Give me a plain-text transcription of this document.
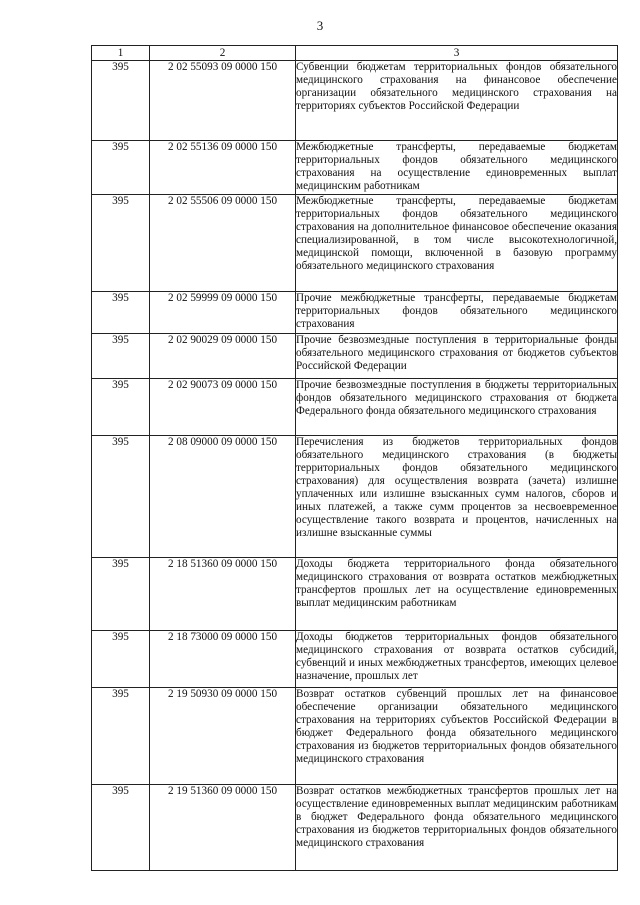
3
1	2	3
395	2 02 55093 09 0000 150	Субвенции бюджетам территориальных фондов обязательного медицинского страхования на финансовое обеспечение организации обязательного медицинского страхования на территориях субъектов Российской Федерации
395	2 02 55136 09 0000 150	Межбюджетные трансферты, передаваемые бюджетам территориальных фондов обязательного медицинского страхования на осуществление единовременных выплат медицинским работникам
395	2 02 55506 09 0000 150	Межбюджетные трансферты, передаваемые бюджетам территориальных фондов обязательного медицинского страхования на дополнительное финансовое обеспечение оказания специализированной, в том числе высокотехнологичной, медицинской помощи, включенной в базовую программу обязательного медицинского страхования
395	2 02 59999 09 0000 150	Прочие межбюджетные трансферты, передаваемые бюджетам территориальных фондов обязательного медицинского страхования
395	2 02 90029 09 0000 150	Прочие безвозмездные поступления в территориальные фонды обязательного медицинского страхования от бюджетов субъектов Российской Федерации
395	2 02 90073 09 0000 150	Прочие безвозмездные поступления в бюджеты территориальных фондов обязательного медицинского страхования от бюджета Федерального фонда обязательного медицинского страхования
395	2 08 09000 09 0000 150	Перечисления из бюджетов территориальных фондов обязательного медицинского страхования (в бюджеты территориальных фондов обязательного медицинского страхования) для осуществления возврата (зачета) излишне уплаченных или излишне взысканных сумм налогов, сборов и иных платежей, а также сумм процентов за несвоевременное осуществление такого возврата и процентов, начисленных на излишне взысканные суммы
395	2 18 51360 09 0000 150	Доходы бюджета территориального фонда обязательного медицинского страхования от возврата остатков межбюджетных трансфертов прошлых лет на осуществление единовременных выплат медицинским работникам
395	2 18 73000 09 0000 150	Доходы бюджетов территориальных фондов обязательного медицинского страхования от возврата остатков субсидий, субвенций и иных межбюджетных трансфертов, имеющих целевое назначение, прошлых лет
395	2 19 50930 09 0000 150	Возврат остатков субвенций прошлых лет на финансовое обеспечение организации обязательного медицинского страхования на территориях субъектов Российской Федерации в бюджет Федерального фонда обязательного медицинского страхования из бюджетов территориальных фондов обязательного медицинского страхования
395	2 19 51360 09 0000 150	Возврат остатков межбюджетных трансфертов прошлых лет на осуществление единовременных выплат медицинским работникам в бюджет Федерального фонда обязательного медицинского страхования из бюджетов территориальных фондов обязательного медицинского страхования
